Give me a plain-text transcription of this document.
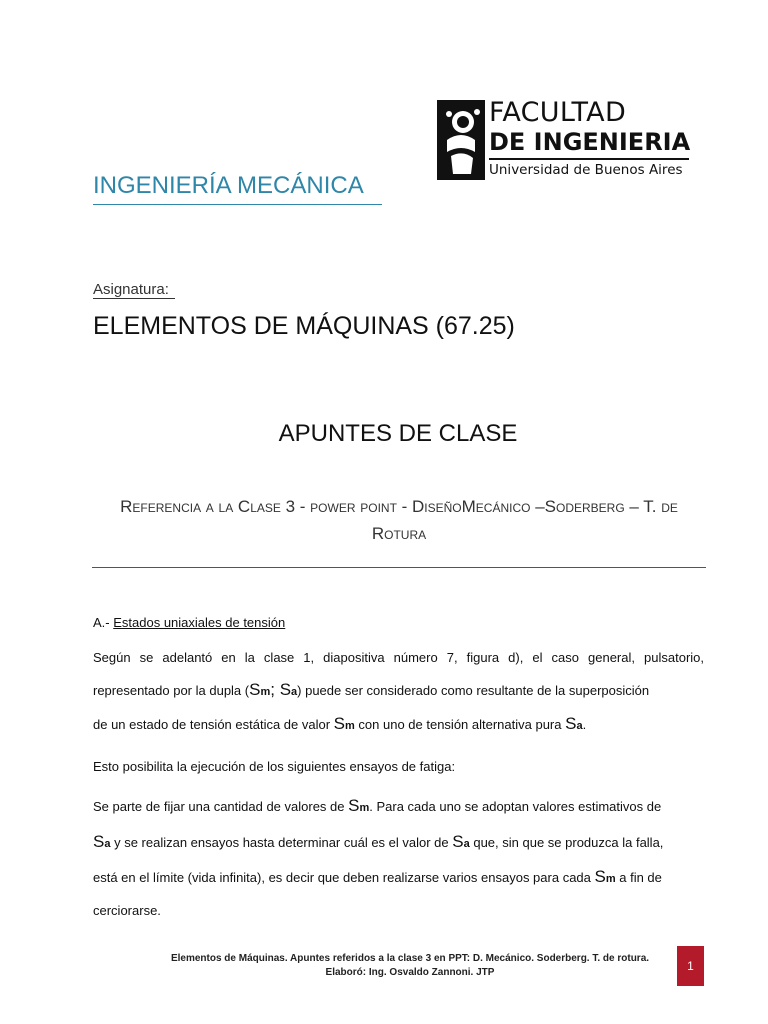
FACULTAD
DE INGENIERIA
Universidad de Buenos Aires
INGENIERÍA MECÁNICA
Asignatura:
ELEMENTOS DE MÁQUINAS (67.25)
APUNTES DE CLASE
Referencia a la Clase 3 - power point - DiseñoMecánico –Soderberg – T. de
Rotura
A.- Estados uniaxiales de tensión
Según se adelantó en la clase 1, diapositiva número 7, figura d), el caso general, pulsatorio,
representado por la dupla (Sm; Sa) puede ser considerado como resultante de la superposición
de un estado de tensión estática de valor Sm con uno de tensión alternativa pura Sa.
Esto posibilita la ejecución de los siguientes ensayos de fatiga:
Se parte de fijar una cantidad de valores de Sm. Para cada uno se adoptan valores estimativos de
Sa y se realizan ensayos hasta determinar cuál es el valor de Sa que, sin que se produzca la falla,
está en el límite (vida infinita), es decir que deben realizarse varios ensayos para cada Sm a fin de
cerciorarse.
Elementos de Máquinas. Apuntes referidos a la clase 3 en PPT: D. Mecánico. Soderberg. T. de rotura.
Elaboró: Ing. Osvaldo Zannoni. JTP	1
